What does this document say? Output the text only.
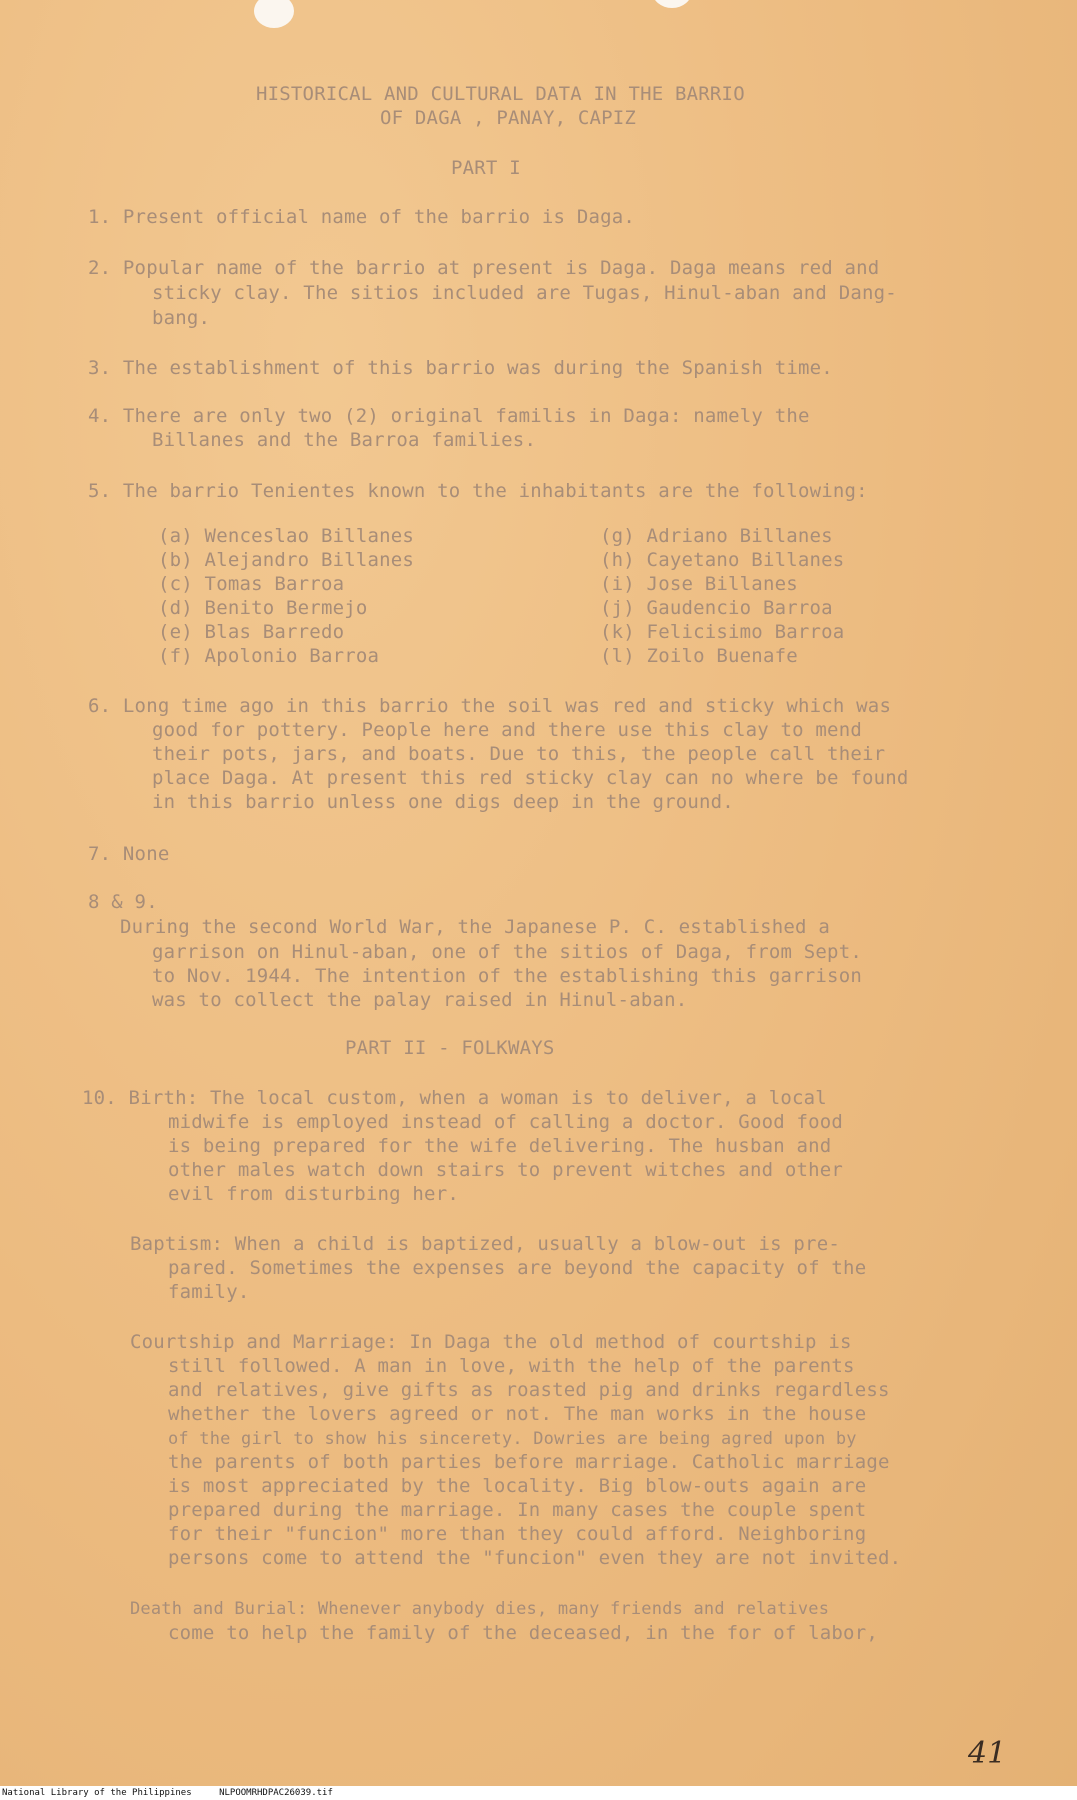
HISTORICAL AND CULTURAL DATA IN THE BARRIO
OF DAGA , PANAY, CAPIZ
PART I
1. Present official name of the barrio is Daga.
2. Popular name of the barrio at present is Daga. Daga means red and
sticky clay. The sitios included are Tugas, Hinul-aban and Dang-
bang.
3. The establishment of this barrio was during the Spanish time.
4. There are only two (2) original familis in Daga: namely the
Billanes and the Barroa families.
5. The barrio Tenientes known to the inhabitants are the following:
(a) Wenceslao Billanes
(b) Alejandro Billanes
(c) Tomas Barroa
(d) Benito Bermejo
(e) Blas Barredo
(f) Apolonio Barroa
(g) Adriano Billanes
(h) Cayetano Billanes
(i) Jose Billanes
(j) Gaudencio Barroa
(k) Felicisimo Barroa
(l) Zoilo Buenafe
6. Long time ago in this barrio the soil was red and sticky which was
good for pottery. People here and there use this clay to mend
their pots, jars, and boats. Due to this, the people call their
place Daga. At present this red sticky clay can no where be found
in this barrio unless one digs deep in the ground.
7. None
8 & 9.
During the second World War, the Japanese P. C. established a
garrison on Hinul-aban, one of the sitios of Daga, from Sept.
to Nov. 1944. The intention of the establishing this garrison
was to collect the palay raised in Hinul-aban.
PART II - FOLKWAYS
10. Birth: The local custom, when a woman is to deliver, a local
midwife is employed instead of calling a doctor. Good food
is being prepared for the wife delivering. The husban and
other males watch down stairs to prevent witches and other
evil from disturbing her.
Baptism: When a child is baptized, usually a blow-out is pre-
pared. Sometimes the expenses are beyond the capacity of the
family.
Courtship and Marriage: In Daga the old method of courtship is
still followed. A man in love, with the help of the parents
and relatives, give gifts as roasted pig and drinks regardless
whether the lovers agreed or not. The man works in the house
of the girl to show his sincerety. Dowries are being agred upon by
the parents of both parties before marriage. Catholic marriage
is most appreciated by the locality. Big blow-outs again are
prepared during the marriage. In many cases the couple spent
for their "funcion" more than they could afford. Neighboring
persons come to attend the "funcion" even they are not invited.
Death and Burial: Whenever anybody dies, many friends and relatives
come to help the family of the deceased, in the for of labor,
41
National Library of the Philippines	NLPOOMRHDPAC26039.tif
